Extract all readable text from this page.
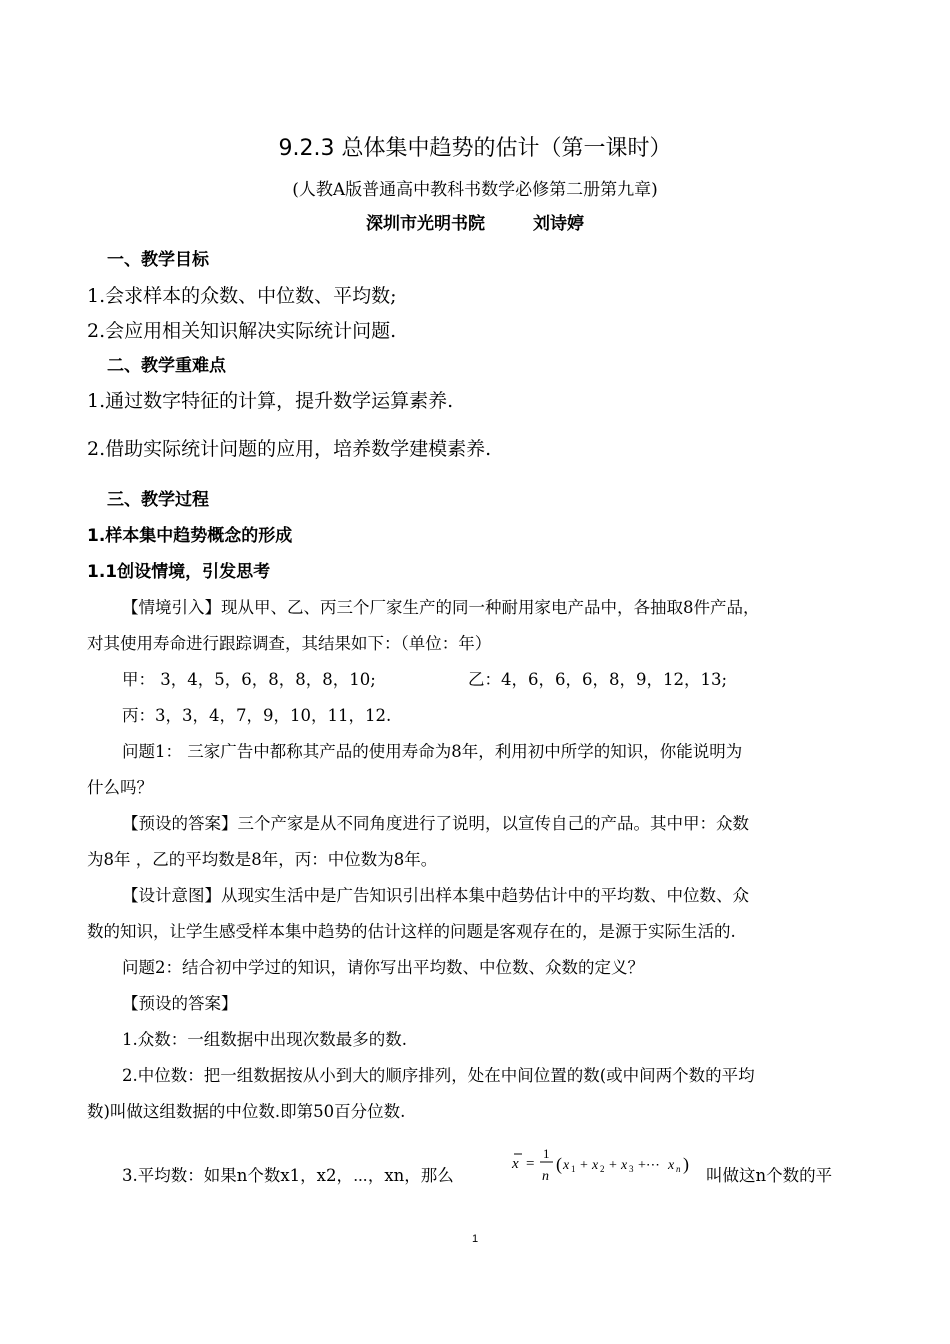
9.2.3 总体集中趋势的估计（第一课时）
(人教A版普通高中教科书数学必修第二册第九章)
深圳市光明书院	刘诗婷
一、教学目标
1.会求样本的众数、中位数、平均数;
2.会应用相关知识解决实际统计问题.
二、教学重难点
1.通过数字特征的计算，提升数学运算素养.
2.借助实际统计问题的应用，培养数学建模素养.
三、教学过程
1.样本集中趋势概念的形成
1.1创设情境，引发思考
【情境引入】现从甲、乙、丙三个厂家生产的同一种耐用家电产品中，各抽取8件产品，
对其使用寿命进行跟踪调查，其结果如下：（单位：年）
甲： 3，4，5，6，8，8，8，10;	乙：4，6，6，6，8，9，12，13;
丙：3，3，4，7，9，10，11，12.
问题1： 三家广告中都称其产品的使用寿命为8年，利用初中所学的知识，你能说明为
什么吗？
【预设的答案】三个产家是从不同角度进行了说明，以宣传自己的产品。其中甲：众数
为8年 ，乙的平均数是8年，丙：中位数为8年。
【设计意图】从现实生活中是广告知识引出样本集中趋势估计中的平均数、中位数、众
数的知识，让学生感受样本集中趋势的估计这样的问题是客观存在的，是源于实际生活的.
问题2：结合初中学过的知识，请你写出平均数、中位数、众数的定义？
【预设的答案】
1.众数：一组数据中出现次数最多的数.
2.中位数：把一组数据按从小到大的顺序排列，处在中间位置的数(或中间两个数的平均
数)叫做这组数据的中位数.即第50百分位数.
3.平均数：如果n个数x1，x2，⋯，xn，那么
x =
1
n
( x 1 + x 2 + x 3 +⋯ x n )
叫做这n个数的平
1
